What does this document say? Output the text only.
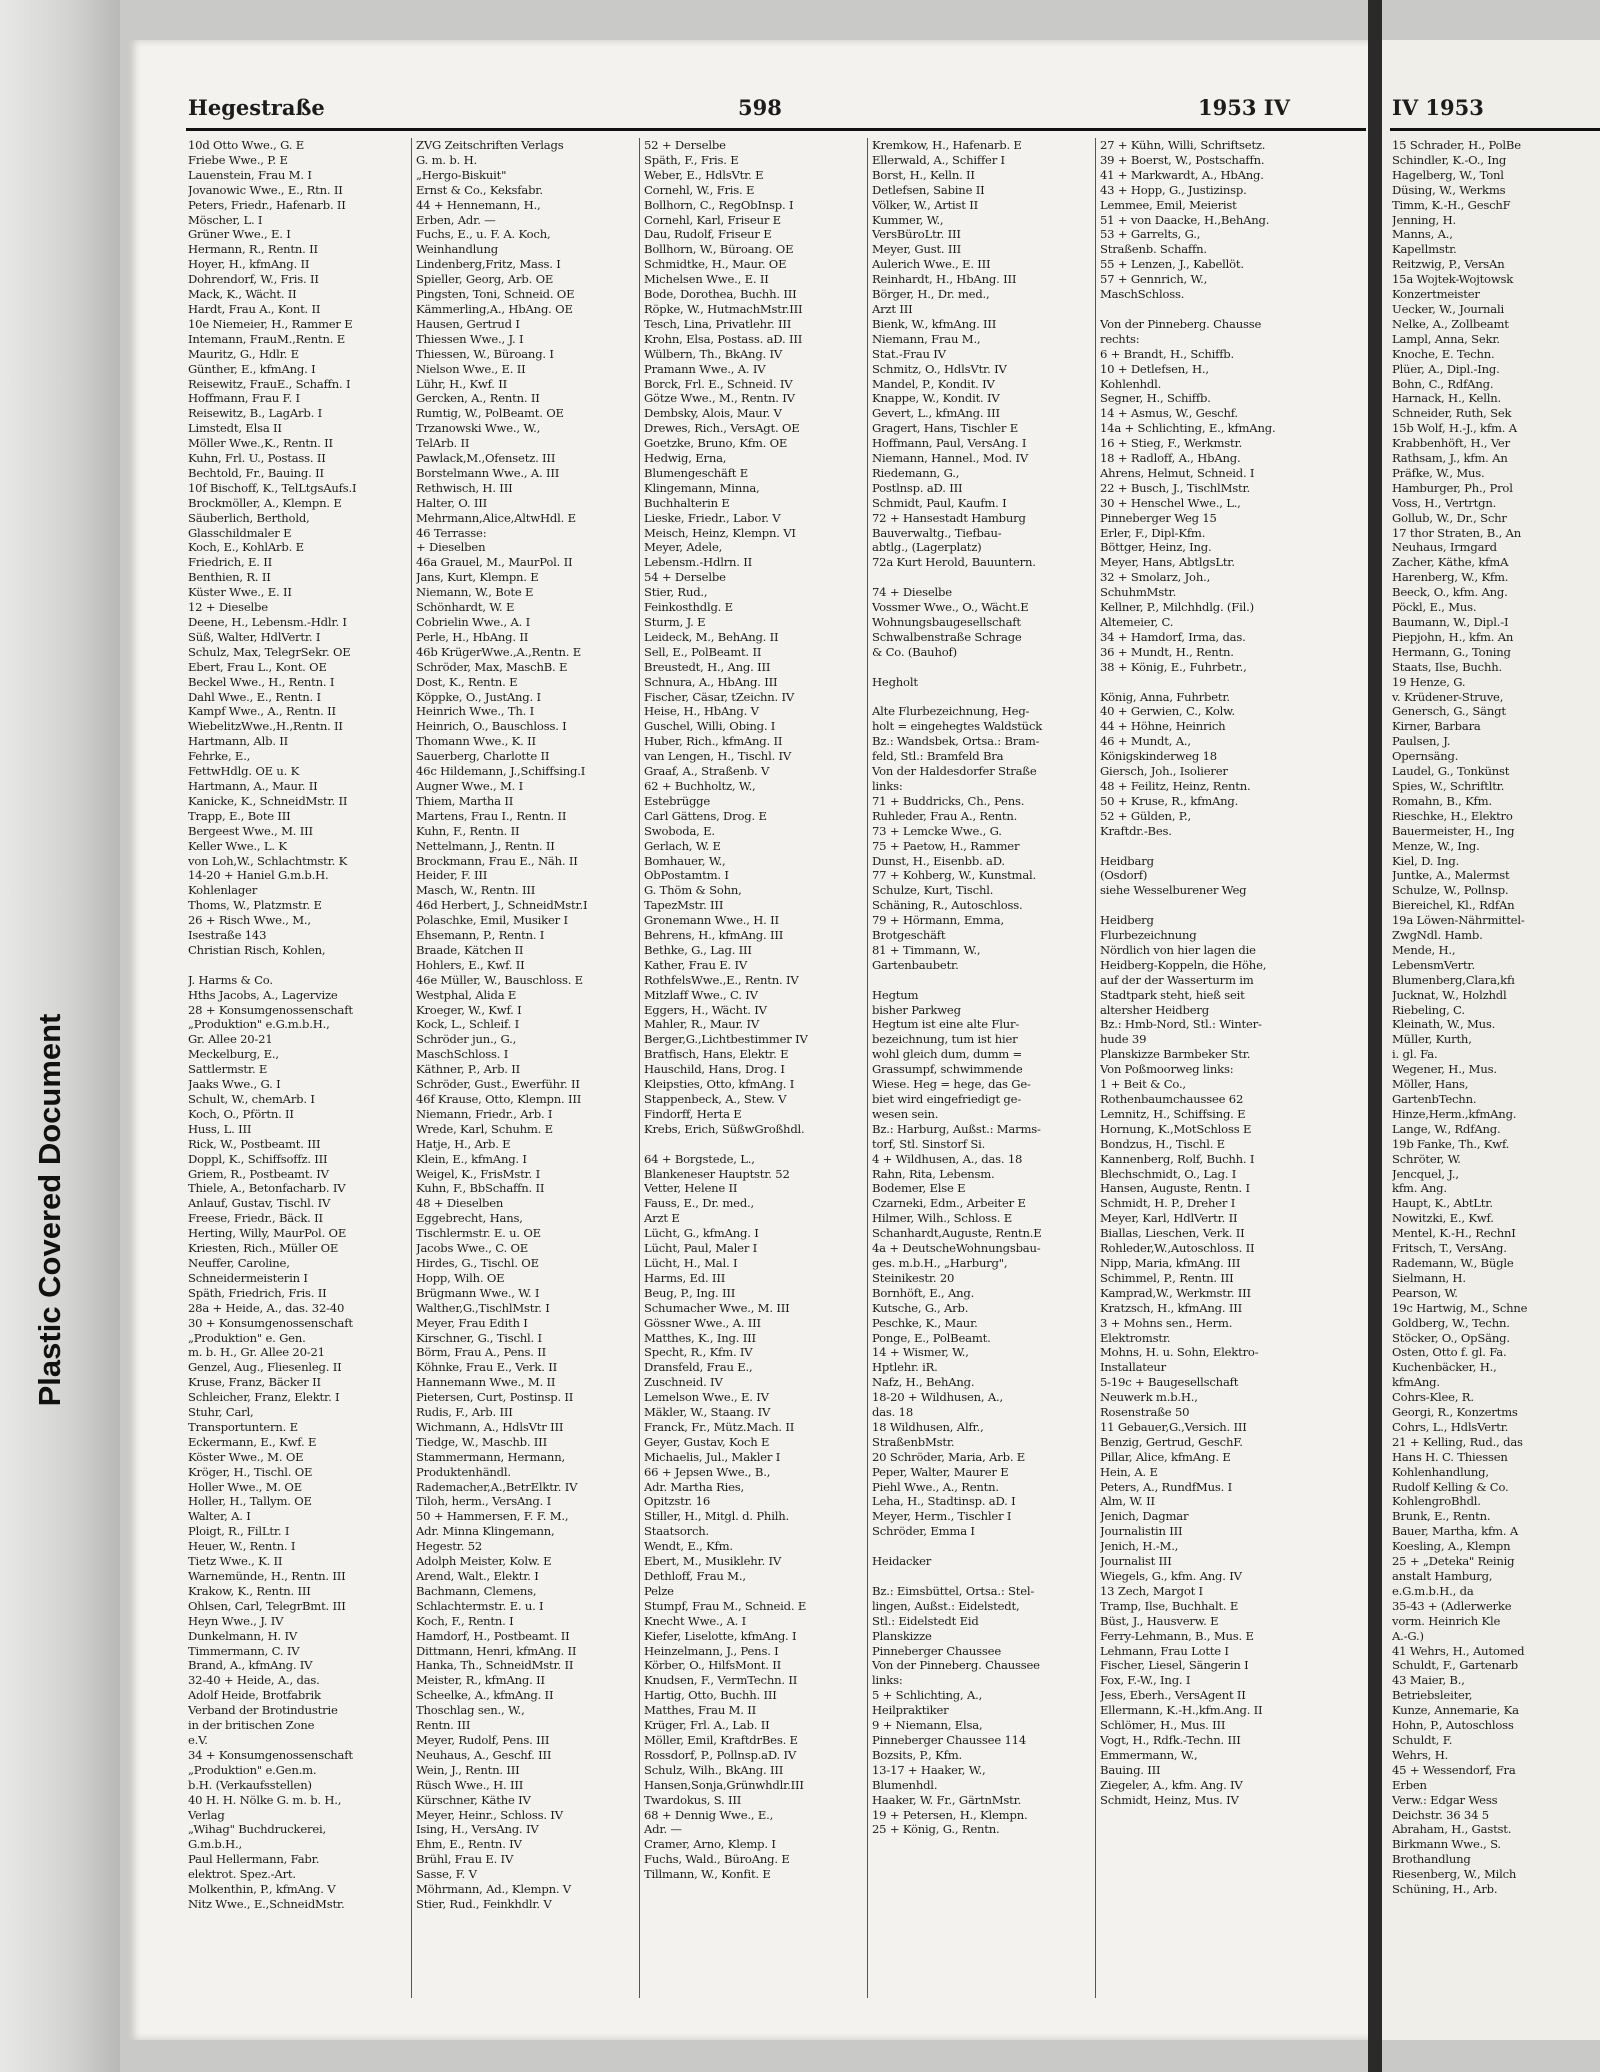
Plastic Covered Document
Hegestraße	598	1953 IV
10d Otto Wwe., G. E
Friebe Wwe., P. E
Lauenstein, Frau M. I
Jovanowic Wwe., E., Rtn. II
Peters, Friedr., Hafenarb. II
Möscher, L. I
Grüner Wwe., E. I
Hermann, R., Rentn. II
Hoyer, H., kfmAng. II
Dohrendorf, W., Fris. II
Mack, K., Wächt. II
Hardt, Frau A., Kont. II
10e Niemeier, H., Rammer E
Intemann, FrauM.,Rentn. E
Mauritz, G., Hdlr. E
Günther, E., kfmAng. I
Reisewitz, FrauE., Schaffn. I
Hoffmann, Frau F. I
Reisewitz, B., LagArb. I
Limstedt, Elsa II
Möller Wwe.,K., Rentn. II
Kuhn, Frl. U., Postass. II
Bechtold, Fr., Bauing. II
10f Bischoff, K., TelLtgsAufs.I
Brockmöller, A., Klempn. E
Säuberlich, Berthold,
Glasschildmaler E
Koch, E., KohlArb. E
Friedrich, E. II
Benthien, R. II
Küster Wwe., E. II
12 + Dieselbe
Deene, H., Lebensm.-Hdlr. I
Süß, Walter, HdlVertr. I
Schulz, Max, TelegrSekr. OE
Ebert, Frau L., Kont. OE
Beckel Wwe., H., Rentn. I
Dahl Wwe., E., Rentn. I
Kampf Wwe., A., Rentn. II
WiebelitzWwe.,H.,Rentn. II
Hartmann, Alb. II
Fehrke, E.,
FettwHdlg. OE u. K
Hartmann, A., Maur. II
Kanicke, K., SchneidMstr. II
Trapp, E., Bote III
Bergeest Wwe., M. III
Keller Wwe., L. K
von Loh,W., Schlachtmstr. K
14-20 + Haniel G.m.b.H.
Kohlenlager
Thoms, W., Platzmstr. E
26 + Risch Wwe., M.,
Isestraße 143
Christian Risch, Kohlen,

J. Harms & Co.
Hths Jacobs, A., Lagervize
28 + Konsumgenossenschaft
„Produktion" e.G.m.b.H.,
Gr. Allee 20-21
Meckelburg, E.,
Sattlermstr. E
Jaaks Wwe., G. I
Schult, W., chemArb. I
Koch, O., Pförtn. II
Huss, L. III
Rick, W., Postbeamt. III
Doppl, K., Schiffsoffz. III
Griem, R., Postbeamt. IV
Thiele, A., Betonfacharb. IV
Anlauf, Gustav, Tischl. IV
Freese, Friedr., Bäck. II
Herting, Willy, MaurPol. OE
Kriesten, Rich., Müller OE
Neuffer, Caroline,
Schneidermeisterin I
Späth, Friedrich, Fris. II
28a + Heide, A., das. 32-40
30 + Konsumgenossenschaft
„Produktion" e. Gen.
m. b. H., Gr. Allee 20-21
Genzel, Aug., Fliesenleg. II
Kruse, Franz, Bäcker II
Schleicher, Franz, Elektr. I
Stuhr, Carl,
Transportuntern. E
Eckermann, E., Kwf. E
Köster Wwe., M. OE
Kröger, H., Tischl. OE
Holler Wwe., M. OE
Holler, H., Tallym. OE
Walter, A. I
Ploigt, R., FilLtr. I
Heuer, W., Rentn. I
Tietz Wwe., K. II
Warnemünde, H., Rentn. III
Krakow, K., Rentn. III
Ohlsen, Carl, TelegrBmt. III
Heyn Wwe., J. IV
Dunkelmann, H. IV
Timmermann, C. IV
Brand, A., kfmAng. IV
32-40 + Heide, A., das.
Adolf Heide, Brotfabrik
Verband der Brotindustrie
in der britischen Zone
e.V.
34 + Konsumgenossenschaft
„Produktion" e.Gen.m.
b.H. (Verkaufsstellen)
40 H. H. Nölke G. m. b. H.,
Verlag
„Wihag" Buchdruckerei,
G.m.b.H.,
Paul Hellermann, Fabr.
elektrot. Spez.-Art.
Molkenthin, P., kfmAng. V
Nitz Wwe., E.,SchneidMstr.
ZVG Zeitschriften Verlags
G. m. b. H.
„Hergo-Biskuit"
Ernst & Co., Keksfabr.
44 + Hennemann, H.,
Erben, Adr. —
Fuchs, E., u. F. A. Koch,
Weinhandlung
Lindenberg,Fritz, Mass. I
Spieller, Georg, Arb. OE
Pingsten, Toni, Schneid. OE
Kämmerling,A., HbAng. OE
Hausen, Gertrud I
Thiessen Wwe., J. I
Thiessen, W., Büroang. I
Nielson Wwe., E. II
Lühr, H., Kwf. II
Gercken, A., Rentn. II
Rumtig, W., PolBeamt. OE
Trzanowski Wwe., W.,
TelArb. II
Pawlack,M.,Ofensetz. III
Borstelmann Wwe., A. III
Rethwisch, H. III
Halter, O. III
Mehrmann,Alice,AltwHdl. E
46 Terrasse:
+ Dieselben
46a Grauel, M., MaurPol. II
Jans, Kurt, Klempn. E
Niemann, W., Bote E
Schönhardt, W. E
Cobrielin Wwe., A. I
Perle, H., HbAng. II
46b KrügerWwe.,A.,Rentn. E
Schröder, Max, MaschB. E
Dost, K., Rentn. E
Köppke, O., JustAng. I
Heinrich Wwe., Th. I
Heinrich, O., Bauschloss. I
Thomann Wwe., K. II
Sauerberg, Charlotte II
46c Hildemann, J.,Schiffsing.I
Augner Wwe., M. I
Thiem, Martha II
Martens, Frau I., Rentn. II
Kuhn, F., Rentn. II
Nettelmann, J., Rentn. II
Brockmann, Frau E., Näh. II
Heider, F. III
Masch, W., Rentn. III
46d Herbert, J., SchneidMstr.I
Polaschke, Emil, Musiker I
Ehsemann, P., Rentn. I
Braade, Kätchen II
Hohlers, E., Kwf. II
46e Müller, W., Bauschloss. E
Westphal, Alida E
Kroeger, W., Kwf. I
Kock, L., Schleif. I
Schröder jun., G.,
MaschSchloss. I
Käthner, P., Arb. II
Schröder, Gust., Ewerführ. II
46f Krause, Otto, Klempn. III
Niemann, Friedr., Arb. I
Wrede, Karl, Schuhm. E
Hatje, H., Arb. E
Klein, E., kfmAng. I
Weigel, K., FrisMstr. I
Kuhn, F., BbSchaffn. II
48 + Dieselben
Eggebrecht, Hans,
Tischlermstr. E. u. OE
Jacobs Wwe., C. OE
Hirdes, G., Tischl. OE
Hopp, Wilh. OE
Brügmann Wwe., W. I
Walther,G.,TischlMstr. I
Meyer, Frau Edith I
Kirschner, G., Tischl. I
Börm, Frau A., Pens. II
Köhnke, Frau E., Verk. II
Hannemann Wwe., M. II
Pietersen, Curt, Postinsp. II
Rudis, F., Arb. III
Wichmann, A., HdlsVtr III
Tiedge, W., Maschb. III
Stammermann, Hermann,
Produktenhändl.
Rademacher,A.,BetrElktr. IV
Tiloh, herm., VersAng. I
50 + Hammersen, F. F. M.,
Adr. Minna Klingemann,
Hegestr. 52
Adolph Meister, Kolw. E
Arend, Walt., Elektr. I
Bachmann, Clemens,
Schlachtermstr. E. u. I
Koch, F., Rentn. I
Hamdorf, H., Postbeamt. II
Dittmann, Henri, kfmAng. II
Hanka, Th., SchneidMstr. II
Meister, R., kfmAng. II
Scheelke, A., kfmAng. II
Thoschlag sen., W.,
Rentn. III
Meyer, Rudolf, Pens. III
Neuhaus, A., Geschf. III
Wein, J., Rentn. III
Rüsch Wwe., H. III
Kürschner, Käthe IV
Meyer, Heinr., Schloss. IV
Ising, H., VersAng. IV
Ehm, E., Rentn. IV
Brühl, Frau E. IV
Sasse, F. V
Möhrmann, Ad., Klempn. V
Stier, Rud., Feinkhdlr. V
52 + Derselbe
Späth, F., Fris. E
Weber, E., HdlsVtr. E
Cornehl, W., Fris. E
Bollhorn, C., RegObInsp. I
Cornehl, Karl, Friseur E
Dau, Rudolf, Friseur E
Bollhorn, W., Büroang. OE
Schmidtke, H., Maur. OE
Michelsen Wwe., E. II
Bode, Dorothea, Buchh. III
Röpke, W., HutmachMstr.III
Tesch, Lina, Privatlehr. III
Krohn, Elsa, Postass. aD. III
Wülbern, Th., BkAng. IV
Pramann Wwe., A. IV
Borck, Frl. E., Schneid. IV
Götze Wwe., M., Rentn. IV
Dembsky, Alois, Maur. V
Drewes, Rich., VersAgt. OE
Goetzke, Bruno, Kfm. OE
Hedwig, Erna,
Blumengeschäft E
Klingemann, Minna,
Buchhalterin E
Lieske, Friedr., Labor. V
Meisch, Heinz, Klempn. VI
Meyer, Adele,
Lebensm.-Hdlrn. II
54 + Derselbe
Stier, Rud.,
Feinkosthdlg. E
Sturm, J. E
Leideck, M., BehAng. II
Sell, E., PolBeamt. II
Breustedt, H., Ang. III
Schnura, A., HbAng. III
Fischer, Cäsar, tZeichn. IV
Heise, H., HbAng. V
Guschel, Willi, Obing. I
Huber, Rich., kfmAng. II
van Lengen, H., Tischl. IV
Graaf, A., Straßenb. V
62 + Buchholtz, W.,
Estebrügge
Carl Gättens, Drog. E
Swoboda, E.
Gerlach, W. E
Bomhauer, W.,
ObPostamtm. I
G. Thöm & Sohn,
TapezMstr. III
Gronemann Wwe., H. II
Behrens, H., kfmAng. III
Bethke, G., Lag. III
Kather, Frau E. IV
RothfelsWwe.,E., Rentn. IV
Mitzlaff Wwe., C. IV
Eggers, H., Wächt. IV
Mahler, R., Maur. IV
Berger,G.,Lichtbestimmer IV
Bratfisch, Hans, Elektr. E
Hauschild, Hans, Drog. I
Kleipsties, Otto, kfmAng. I
Stappenbeck, A., Stew. V
Findorff, Herta E
Krebs, Erich, SüßwGroßhdl.

64 + Borgstede, L.,
Blankeneser Hauptstr. 52
Vetter, Helene II
Fauss, E., Dr. med.,
Arzt E
Lücht, G., kfmAng. I
Lücht, Paul, Maler I
Lücht, H., Mal. I
Harms, Ed. III
Beug, P., Ing. III
Schumacher Wwe., M. III
Gössner Wwe., A. III
Matthes, K., Ing. III
Specht, R., Kfm. IV
Dransfeld, Frau E.,
Zuschneid. IV
Lemelson Wwe., E. IV
Mäkler, W., Staang. IV
Franck, Fr., Mütz.Mach. II
Geyer, Gustav, Koch E
Michaelis, Jul., Makler I
66 + Jepsen Wwe., B.,
Adr. Martha Ries,
Opitzstr. 16
Stiller, H., Mitgl. d. Philh.
Staatsorch.
Wendt, E., Kfm.
Ebert, M., Musiklehr. IV
Dethloff, Frau M.,
Pelze
Stumpf, Frau M., Schneid. E
Knecht Wwe., A. I
Kiefer, Liselotte, kfmAng. I
Heinzelmann, J., Pens. I
Körber, O., HilfsMont. II
Knudsen, F., VermTechn. II
Hartig, Otto, Buchh. III
Matthes, Frau M. II
Krüger, Frl. A., Lab. II
Möller, Emil, KraftdrBes. E
Rossdorf, P., Pollnsp.aD. IV
Schulz, Wilh., BkAng. III
Hansen,Sonja,Grünwhdlr.III
Twardokus, S. III
68 + Dennig Wwe., E.,
Adr. —
Cramer, Arno, Klemp. I
Fuchs, Wald., BüroAng. E
Tillmann, W., Konfit. E
Kremkow, H., Hafenarb. E
Ellerwald, A., Schiffer I
Borst, H., Kelln. II
Detlefsen, Sabine II
Völker, W., Artist II
Kummer, W.,
VersBüroLtr. III
Meyer, Gust. III
Aulerich Wwe., E. III
Reinhardt, H., HbAng. III
Börger, H., Dr. med.,
Arzt III
Bienk, W., kfmAng. III
Niemann, Frau M.,
Stat.-Frau IV
Schmitz, O., HdlsVtr. IV
Mandel, P., Kondit. IV
Knappe, W., Kondit. IV
Gevert, L., kfmAng. III
Gragert, Hans, Tischler E
Hoffmann, Paul, VersAng. I
Niemann, Hannel., Mod. IV
Riedemann, G.,
Postlnsp. aD. III
Schmidt, Paul, Kaufm. I
72 + Hansestadt Hamburg
Bauverwaltg., Tiefbau-
abtlg., (Lagerplatz)
72a Kurt Herold, Bauuntern.

74 + Dieselbe
Vossmer Wwe., O., Wächt.E
Wohnungsbaugesellschaft
Schwalbenstraße Schrage
& Co. (Bauhof)

Hegholt

Alte Flurbezeichnung, Heg-
holt = eingehegtes Waldstück
Bz.: Wandsbek, Ortsa.: Bram-
feld, Stl.: Bramfeld Bra
Von der Haldesdorfer Straße
links:
71 + Buddricks, Ch., Pens.
Ruhleder, Frau A., Rentn.
73 + Lemcke Wwe., G.
75 + Paetow, H., Rammer
Dunst, H., Eisenbb. aD.
77 + Kohberg, W., Kunstmal.
Schulze, Kurt, Tischl.
Schäning, R., Autoschloss.
79 + Hörmann, Emma,
Brotgeschäft
81 + Timmann, W.,
Gartenbaubetr.

Hegtum
bisher Parkweg
Hegtum ist eine alte Flur-
bezeichnung, tum ist hier
wohl gleich dum, dumm =
Grassumpf, schwimmende
Wiese. Heg = hege, das Ge-
biet wird eingefriedigt ge-
wesen sein.
Bz.: Harburg, Außst.: Marms-
torf, Stl. Sinstorf Si.
4 + Wildhusen, A., das. 18
Rahn, Rita, Lebensm.
Bodemer, Else E
Czarneki, Edm., Arbeiter E
Hilmer, Wilh., Schloss. E
Schanhardt,Auguste, Rentn.E
4a + DeutscheWohnungsbau-
ges. m.b.H., „Harburg",
Steinikestr. 20
Bornhöft, E., Ang.
Kutsche, G., Arb.
Peschke, K., Maur.
Ponge, E., PolBeamt.
14 + Wismer, W.,
Hptlehr. iR.
Nafz, H., BehAng.
18-20 + Wildhusen, A.,
das. 18
18 Wildhusen, Alfr.,
StraßenbMstr.
20 Schröder, Maria, Arb. E
Peper, Walter, Maurer E
Piehl Wwe., A., Rentn.
Leha, H., Stadtinsp. aD. I
Meyer, Herm., Tischler I
Schröder, Emma I

Heidacker

Bz.: Eimsbüttel, Ortsa.: Stel-
lingen, Außst.: Eidelstedt,
Stl.: Eidelstedt Eid
Planskizze
Pinneberger Chaussee
Von der Pinneberg. Chaussee
links:
5 + Schlichting, A.,
Heilpraktiker
9 + Niemann, Elsa,
Pinneberger Chaussee 114
Bozsits, P., Kfm.
13-17 + Haaker, W.,
Blumenhdl.
Haaker, W. Fr., GärtnMstr.
19 + Petersen, H., Klempn.
25 + König, G., Rentn.
27 + Kühn, Willi, Schriftsetz.
39 + Boerst, W., Postschaffn.
41 + Markwardt, A., HbAng.
43 + Hopp, G., Justizinsp.
Lemmee, Emil, Meierist
51 + von Daacke, H.,BehAng.
53 + Garrelts, G.,
Straßenb. Schaffn.
55 + Lenzen, J., Kabellöt.
57 + Gennrich, W.,
MaschSchloss.

Von der Pinneberg. Chausse
rechts:
6 + Brandt, H., Schiffb.
10 + Detlefsen, H.,
Kohlenhdl.
Segner, H., Schiffb.
14 + Asmus, W., Geschf.
14a + Schlichting, E., kfmAng.
16 + Stieg, F., Werkmstr.
18 + Radloff, A., HbAng.
Ahrens, Helmut, Schneid. I
22 + Busch, J., TischlMstr.
30 + Henschel Wwe., L.,
Pinneberger Weg 15
Erler, F., Dipl-Kfm.
Böttger, Heinz, Ing.
Meyer, Hans, AbtlgsLtr.
32 + Smolarz, Joh.,
SchuhmMstr.
Kellner, P., Milchhdlg. (Fil.)
Altemeier, C.
34 + Hamdorf, Irma, das.
36 + Mundt, H., Rentn.
38 + König, E., Fuhrbetr.,

König, Anna, Fuhrbetr.
40 + Gerwien, C., Kolw.
44 + Höhne, Heinrich
46 + Mundt, A.,
Königskinderweg 18
Giersch, Joh., Isolierer
48 + Feilitz, Heinz, Rentn.
50 + Kruse, R., kfmAng.
52 + Gülden, P.,
Kraftdr.-Bes.

Heidbarg
(Osdorf)
siehe Wesselburener Weg

Heidberg
Flurbezeichnung
Nördlich von hier lagen die
Heidberg-Koppeln, die Höhe,
auf der der Wasserturm im
Stadtpark steht, hieß seit
altersher Heidberg
Bz.: Hmb-Nord, Stl.: Winter-
hude 39
Planskizze Barmbeker Str.
Von Poßmoorweg links:
1 + Beit & Co.,
Rothenbaumchaussee 62
Lemnitz, H., Schiffsing. E
Hornung, K.,MotSchloss E
Bondzus, H., Tischl. E
Kannenberg, Rolf, Buchh. I
Blechschmidt, O., Lag. I
Hansen, Auguste, Rentn. I
Schmidt, H. P., Dreher I
Meyer, Karl, HdlVertr. II
Biallas, Lieschen, Verk. II
Rohleder,W.,Autoschloss. II
Nipp, Maria, kfmAng. III
Schimmel, P., Rentn. III
Kamprad,W., Werkmstr. III
Kratzsch, H., kfmAng. III
3 + Mohns sen., Herm.
Elektromstr.
Mohns, H. u. Sohn, Elektro-
Installateur
5-19c + Baugesellschaft
Neuwerk m.b.H.,
Rosenstraße 50
11 Gebauer,G.,Versich. III
Benzig, Gertrud, GeschF.
Pillar, Alice, kfmAng. E
Hein, A. E
Peters, A., RundfMus. I
Alm, W. II
Jenich, Dagmar
Journalistin III
Jenich, H.-M.,
Journalist III
Wiegels, G., kfm. Ang. IV
13 Zech, Margot I
Tramp, Ilse, Buchhalt. E
Büst, J., Hausverw. E
Ferry-Lehmann, B., Mus. E
Lehmann, Frau Lotte I
Fischer, Liesel, Sängerin I
Fox, F.-W., Ing. I
Jess, Eberh., VersAgent II
Ellermann, K.-H.,kfm.Ang. II
Schlömer, H., Mus. III
Vogt, H., Rdfk.-Techn. III
Emmermann, W.,
Bauing. III
Ziegeler, A., kfm. Ang. IV
Schmidt, Heinz, Mus. IV
IV 1953
15 Schrader, H., PolBe
Schindler, K.-O., Ing
Hagelberg, W., Tonl
Düsing, W., Werkms
Timm, K.-H., GeschF
Jenning, H.
Manns, A.,
Kapellmstr.
Reitzwig, P., VersAn
15a Wojtek-Wojtowsk
Konzertmeister
Uecker, W., Journali
Nelke, A., Zollbeamt
Lampl, Anna, Sekr.
Knoche, E. Techn.
Plüer, A., Dipl.-Ing.
Bohn, C., RdfAng.
Harnack, H., Kelln.
Schneider, Ruth, Sek
15b Wolf, H.-J., kfm. A
Krabbenhöft, H., Ver
Rathsam, J., kfm. An
Präfke, W., Mus.
Hamburger, Ph., Prol
Voss, H., Vertrtgn.
Gollub, W., Dr., Schr
17 thor Straten, B., An
Neuhaus, Irmgard
Zacher, Käthe, kfmA
Harenberg, W., Kfm.
Beeck, O., kfm. Ang.
Pöckl, E., Mus.
Baumann, W., Dipl.-I
Piepjohn, H., kfm. An
Hermann, G., Toning
Staats, Ilse, Buchh.
19 Henze, G.
v. Krüdener-Struve,
Genersch, G., Sängt
Kirner, Barbara
Paulsen, J.
Opernsäng.
Laudel, G., Tonkünst
Spies, W., Schriftltr.
Romahn, B., Kfm.
Rieschke, H., Elektro
Bauermeister, H., Ing
Menze, W., Ing.
Kiel, D. Ing.
Juntke, A., Malermst
Schulze, W., Pollnsp.
Biereichel, Kl., RdfAn
19a Löwen-Nährmittel-
ZwgNdl. Hamb.
Mende, H.,
LebensmVertr.
Blumenberg,Clara,kfı
Jucknat, W., Holzhdl
Riebeling, C.
Kleinath, W., Mus.
Müller, Kurth,
i. gl. Fa.
Wegener, H., Mus.
Möller, Hans,
GartenbTechn.
Hinze,Herm.,kfmAng.
Lange, W., RdfAng.
19b Fanke, Th., Kwf.
Schröter, W.
Jencquel, J.,
kfm. Ang.
Haupt, K., AbtLtr.
Nowitzki, E., Kwf.
Mentel, K.-H., RechnI
Fritsch, T., VersAng.
Rademann, W., Bügle
Sielmann, H.
Pearson, W.
19c Hartwig, M., Schne
Goldberg, W., Techn.
Stöcker, O., OpSäng.
Osten, Otto f. gl. Fa.
Kuchenbäcker, H.,
kfmAng.
Cohrs-Klee, R.
Georgi, R., Konzertms
Cohrs, L., HdlsVertr.
21 + Kelling, Rud., das
Hans H. C. Thiessen
Kohlenhandlung,
Rudolf Kelling & Co.
KohlengroBhdl.
Brunk, E., Rentn.
Bauer, Martha, kfm. A
Koesling, A., Klempn
25 + „Deteka" Reinig
anstalt Hamburg,
e.G.m.b.H., da
35-43 + (Adlerwerke
vorm. Heinrich Kle
A.-G.)
41 Wehrs, H., Automed
Schuldt, F., Gartenarb
43 Maier, B.,
Betriebsleiter,
Kunze, Annemarie, Ka
Hohn, P., Autoschloss
Schuldt, F.
Wehrs, H.
45 + Wessendorf, Fra
Erben
Verw.: Edgar Wess
Deichstr. 36 34 5
Abraham, H., Gastst.
Birkmann Wwe., S.
Brothandlung
Riesenberg, W., Milch
Schüning, H., Arb.
